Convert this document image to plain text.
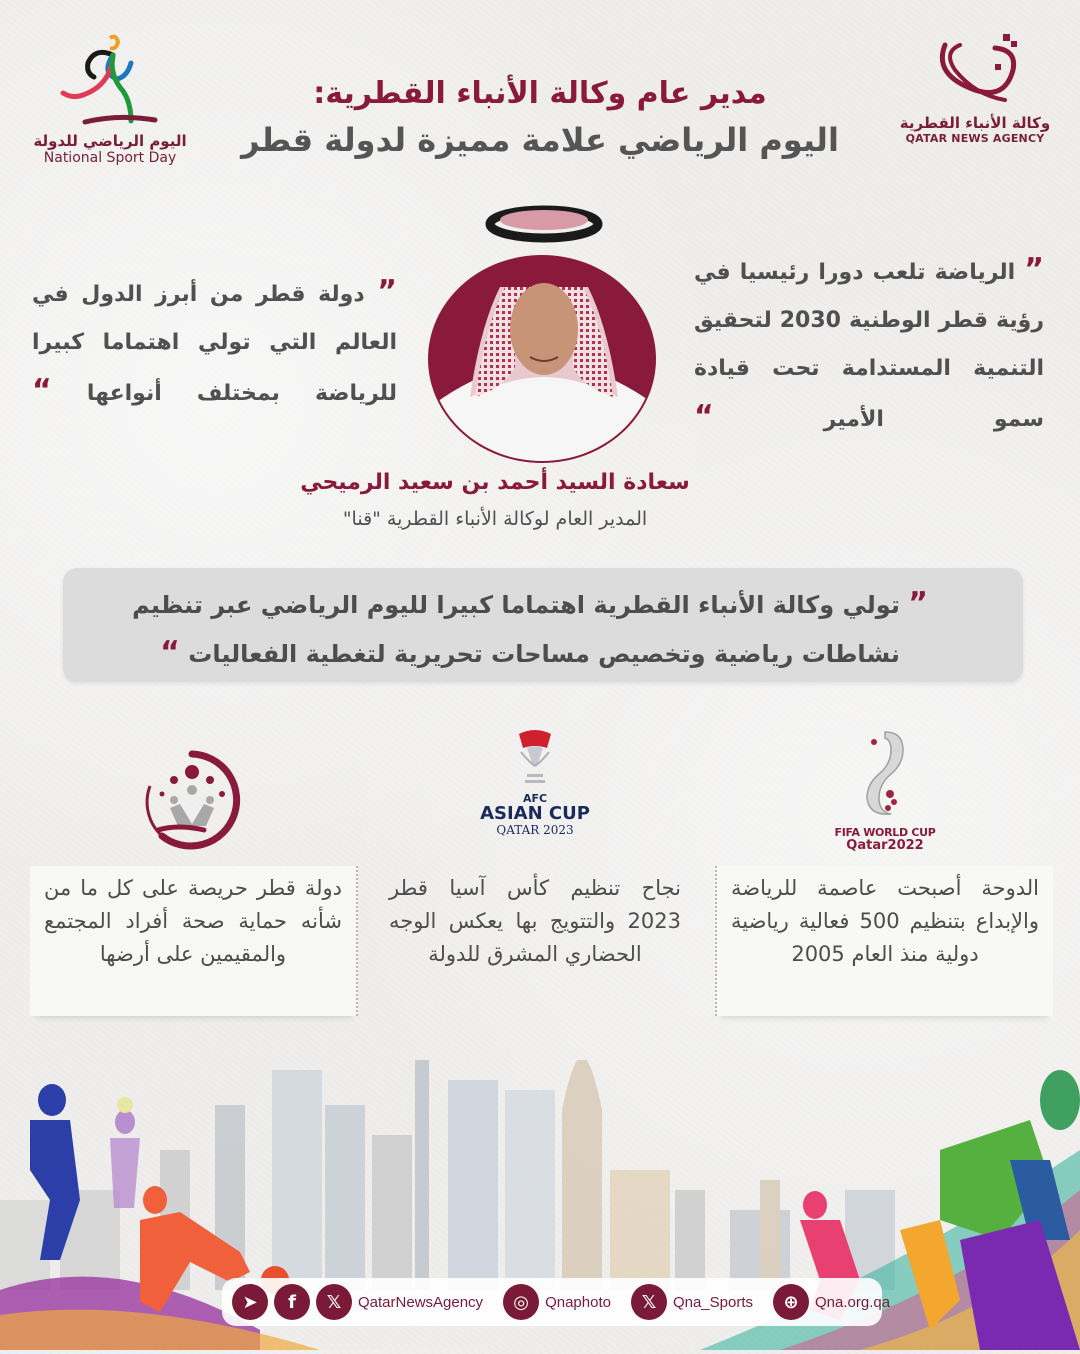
اليوم الرياضي للدولة
National Sport Day
مدير عام وكالة الأنباء القطرية:
اليوم الرياضي علامة مميزة لدولة قطر	وكالة الأنباء القطرية
QATAR NEWS AGENCY
” دولة قطر من أبرز الدول في العالم التي تولي اهتماما كبيرا للرياضة بمختلف أنواعها “
” الرياضة تلعب دورا رئيسيا في رؤية قطر الوطنية 2030 لتحقيق التنمية المستدامة تحت قيادة سمو الأمير “
سعادة السيد أحمد بن سعيد الرميحي
المدير العام لوكالة الأنباء القطرية "قنا"
” تولي وكالة الأنباء القطرية اهتماما كبيرا لليوم الرياضي عبر تنظيم نشاطات رياضية وتخصيص مساحات تحريرية لتغطية الفعاليات “
FIFA WORLD CUP
Qatar2022
AFC
ASIAN CUP
QATAR 2023
الدوحة أصبحت عاصمة للرياضة والإبداع بتنظيم 500 فعالية رياضية دولية منذ العام 2005
نجاح تنظيم كأس آسيا قطر 2023 والتتويج بها يعكس الوجه الحضاري المشرق للدولة
دولة قطر حريصة على كل ما من شأنه حماية صحة أفراد المجتمع والمقيمين على أرضها
➤	f	𝕏	QatarNewsAgency	◎	Qnaphoto	𝕏	Qna_Sports	⊕	Qna.org.qa
